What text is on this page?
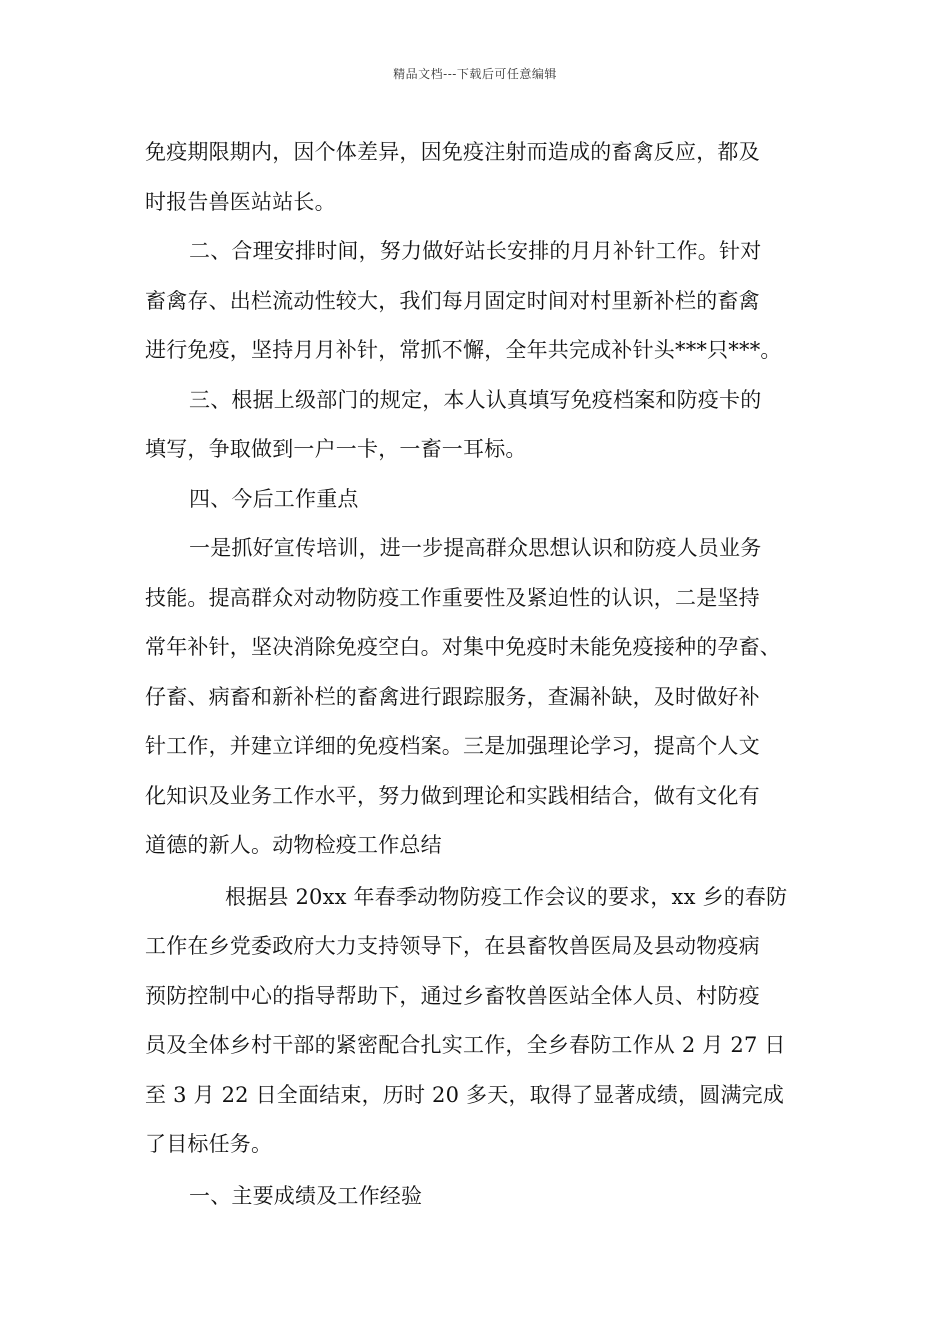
精品文档---下载后可任意编辑
免疫期限期内，因个体差异，因免疫注射而造成的畜禽反应，都及
时报告兽医站站长。
二、合理安排时间，努力做好站长安排的月月补针工作。针对
畜禽存、出栏流动性较大，我们每月固定时间对村里新补栏的畜禽
进行免疫，坚持月月补针，常抓不懈，全年共完成补针头***只***。
三、根据上级部门的规定，本人认真填写免疫档案和防疫卡的
填写，争取做到一户一卡，一畜一耳标。
四、今后工作重点
一是抓好宣传培训，进一步提高群众思想认识和防疫人员业务
技能。提高群众对动物防疫工作重要性及紧迫性的认识，二是坚持
常年补针，坚决消除免疫空白。对集中免疫时未能免疫接种的孕畜、
仔畜、病畜和新补栏的畜禽进行跟踪服务，查漏补缺，及时做好补
针工作，并建立详细的免疫档案。三是加强理论学习，提高个人文
化知识及业务工作水平，努力做到理论和实践相结合，做有文化有
道德的新人。动物检疫工作总结
根据县 20xx 年春季动物防疫工作会议的要求，xx 乡的春防
工作在乡党委政府大力支持领导下，在县畜牧兽医局及县动物疫病
预防控制中心的指导帮助下，通过乡畜牧兽医站全体人员、村防疫
员及全体乡村干部的紧密配合扎实工作，全乡春防工作从 2 月 27 日
至 3 月 22 日全面结束，历时 20 多天，取得了显著成绩，圆满完成
了目标任务。
一、主要成绩及工作经验
